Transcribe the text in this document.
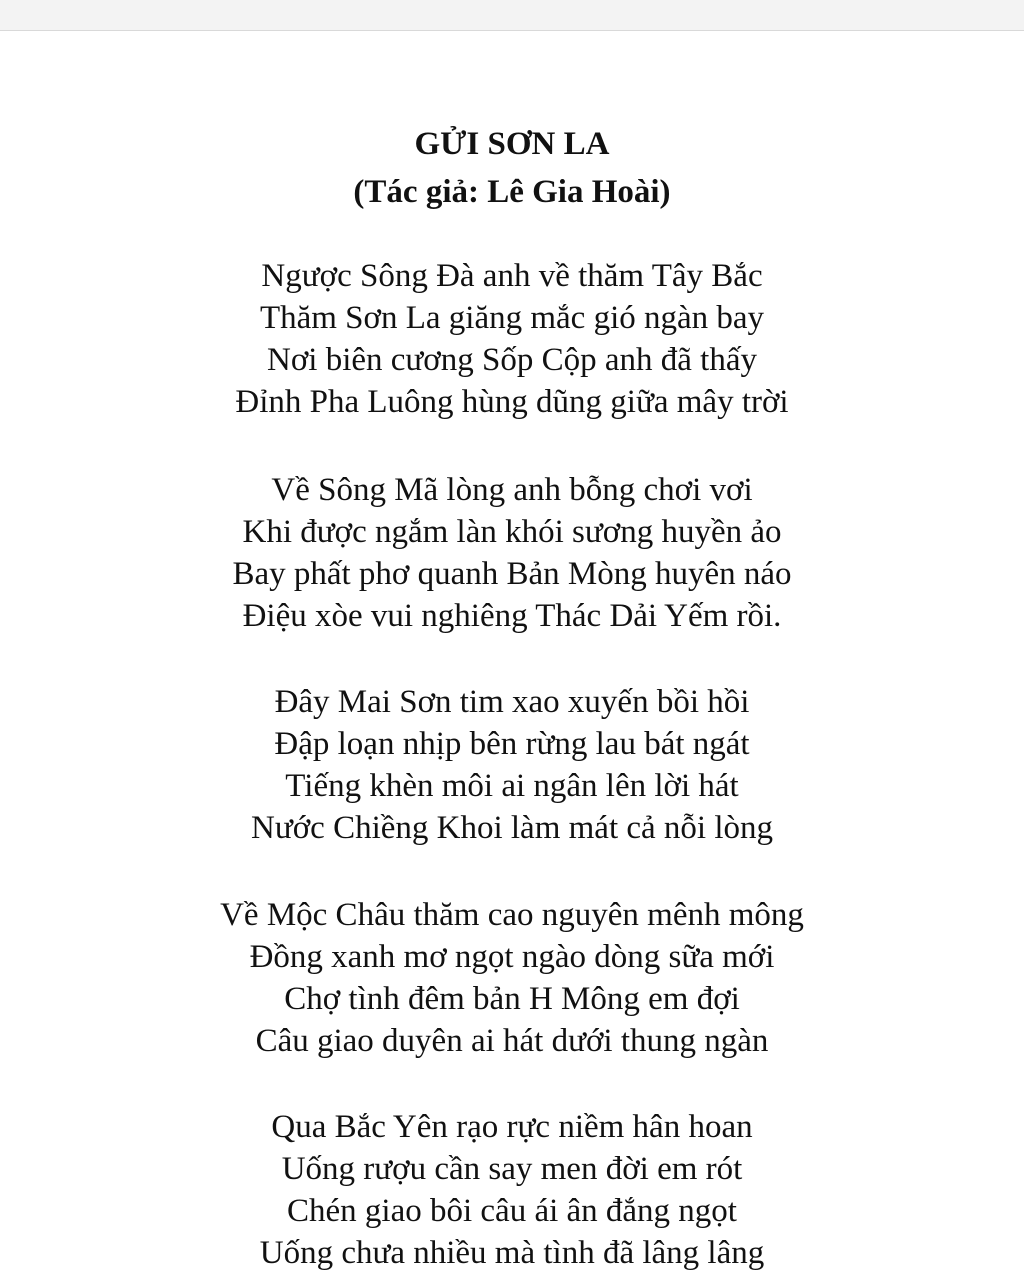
GỬI SƠN LA
(Tác giả: Lê Gia Hoài)
Ngược Sông Đà anh về thăm Tây Bắc
Thăm Sơn La giăng mắc gió ngàn bay
Nơi biên cương Sốp Cộp anh đã thấy
Đỉnh Pha Luông hùng dũng giữa mây trời
Về Sông Mã lòng anh bỗng chơi vơi
Khi được ngắm làn khói sương huyền ảo
Bay phất phơ quanh Bản Mòng huyên náo
Điệu xòe vui nghiêng Thác Dải Yếm rồi.
Đây Mai Sơn tim xao xuyến bồi hồi
Đập loạn nhịp bên rừng lau bát ngát
Tiếng khèn môi ai ngân lên lời hát
Nước Chiềng Khoi làm mát cả nỗi lòng
Về Mộc Châu thăm cao nguyên mênh mông
Đồng xanh mơ ngọt ngào dòng sữa mới
Chợ tình đêm bản H Mông em đợi
Câu giao duyên ai hát dưới thung ngàn
Qua Bắc Yên rạo rực niềm hân hoan
Uống rượu cần say men đời em rót
Chén giao bôi câu ái ân đắng ngọt
Uống chưa nhiều mà tình đã lâng lâng
